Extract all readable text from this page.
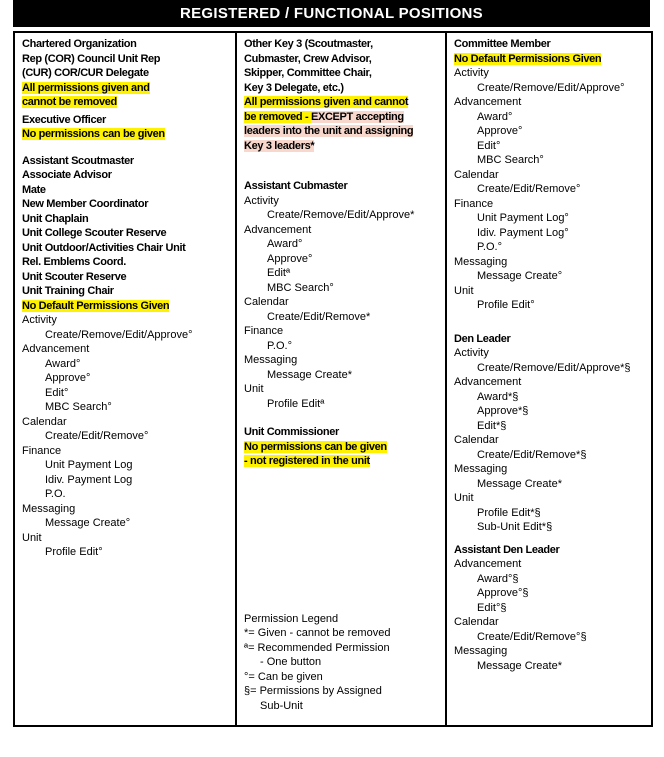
REGISTERED / FUNCTIONAL POSITIONS
Chartered Organization
Rep (COR) Council Unit Rep
(CUR) COR/CUR Delegate
All permissions given and
cannot be removed
Executive Officer
No permissions can be given
Assistant Scoutmaster
Associate Advisor
Mate
New Member Coordinator
Unit Chaplain
Unit College Scouter Reserve
Unit Outdoor/Activities Chair Unit
Rel. Emblems Coord.
Unit Scouter Reserve
Unit Training Chair
No Default Permissions Given
Activity
Create/Remove/Edit/Approve°
Advancement
Award°
Approve°
Edit°
MBC Search°
Calendar
Create/Edit/Remove°
Finance
Unit Payment Log
Idiv. Payment Log
P.O.
Messaging
Message Create°
Unit
Profile Edit°
Other Key 3 (Scoutmaster,
Cubmaster, Crew Advisor,
Skipper, Committee Chair,
Key 3 Delegate, etc.)
All permissions given and cannot
be removed - EXCEPT accepting
leaders into the unit and assigning
Key 3 leaders*
Assistant Cubmaster
Activity
Create/Remove/Edit/Approve*
Advancement
Award°
Approve°
Editª
MBC Search°
Calendar
Create/Edit/Remove*
Finance
P.O.°
Messaging
Message Create*
Unit
Profile Editª
Unit Commissioner
No permissions can be given
- not registered in the unit
Permission Legend
*= Given - cannot be removed
ª= Recommended Permission
- One button
°= Can be given
§= Permissions by Assigned
Sub-Unit
Committee Member
No Default Permissions Given
Activity
Create/Remove/Edit/Approve°
Advancement
Award°
Approve°
Edit°
MBC Search°
Calendar
Create/Edit/Remove°
Finance
Unit Payment Log°
Idiv. Payment Log°
P.O.°
Messaging
Message Create°
Unit
Profile Edit°
Den Leader
Activity
Create/Remove/Edit/Approve*§
Advancement
Award*§
Approve*§
Edit*§
Calendar
Create/Edit/Remove*§
Messaging
Message Create*
Unit
Profile Edit*§
Sub-Unit Edit*§
Assistant Den Leader
Advancement
Award°§
Approve°§
Edit°§
Calendar
Create/Edit/Remove°§
Messaging
Message Create*
